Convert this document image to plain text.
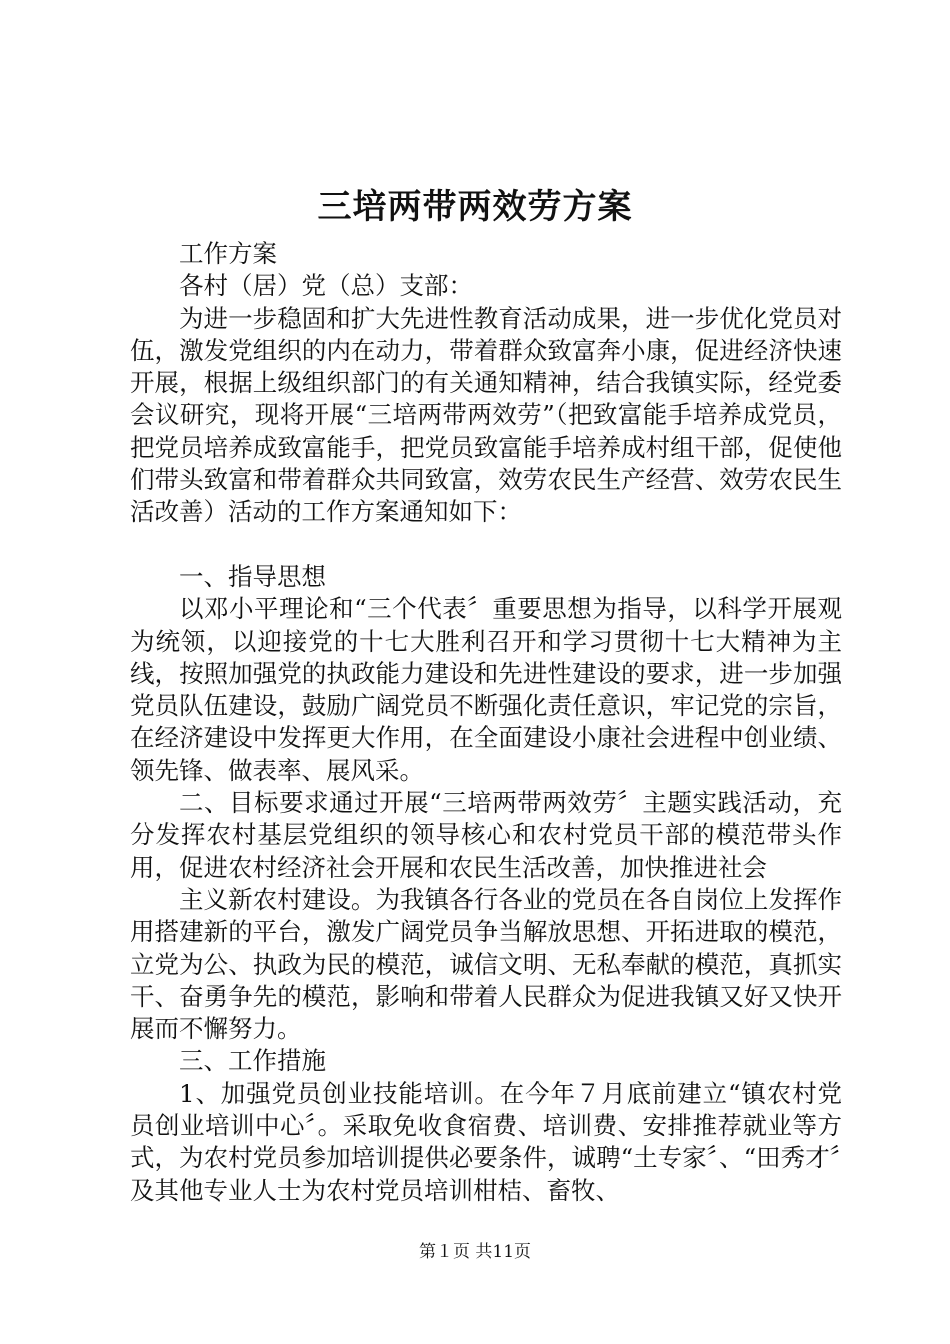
三培两带两效劳方案

工作方案

各村（居）党（总）支部：

为进一步稳固和扩大先进性教育活动成果，进一步优化党员对伍，激发党组织的内在动力，带着群众致富奔小康，促进经济快速开展，根据上级组织部门的有关通知精神，结合我镇实际，经党委会议研究，现将开展“三培两带两效劳”（把致富能手培养成党员，把党员培养成致富能手，把党员致富能手培养成村组干部，促使他们带头致富和带着群众共同致富，效劳农民生产经营、效劳农民生活改善）活动的工作方案通知如下：

一、指导思想

以邓小平理论和“三个代表〞重要思想为指导，以科学开展观为统领，以迎接党的十七大胜利召开和学习贯彻十七大精神为主线，按照加强党的执政能力建设和先进性建设的要求，进一步加强党员队伍建设，鼓励广阔党员不断强化责任意识，牢记党的宗旨，在经济建设中发挥更大作用，在全面建设小康社会进程中创业绩、领先锋、做表率、展风采。

二、目标要求通过开展“三培两带两效劳〞主题实践活动，充分发挥农村基层党组织的领导核心和农村党员干部的模范带头作用，促进农村经济社会开展和农民生活改善，加快推进社会

主义新农村建设。为我镇各行各业的党员在各自岗位上发挥作用搭建新的平台，激发广阔党员争当解放思想、开拓进取的模范，立党为公、执政为民的模范，诚信文明、无私奉献的模范，真抓实干、奋勇争先的模范，影响和带着人民群众为促进我镇又好又快开展而不懈努力。

三、工作措施

1、加强党员创业技能培训。在今年７月底前建立“镇农村党员创业培训中心〞。采取免收食宿费、培训费、安排推荐就业等方式，为农村党员参加培训提供必要条件，诚聘“土专家〞、“田秀才〞及其他专业人士为农村党员培训柑桔、畜牧、

第１页 共11页
